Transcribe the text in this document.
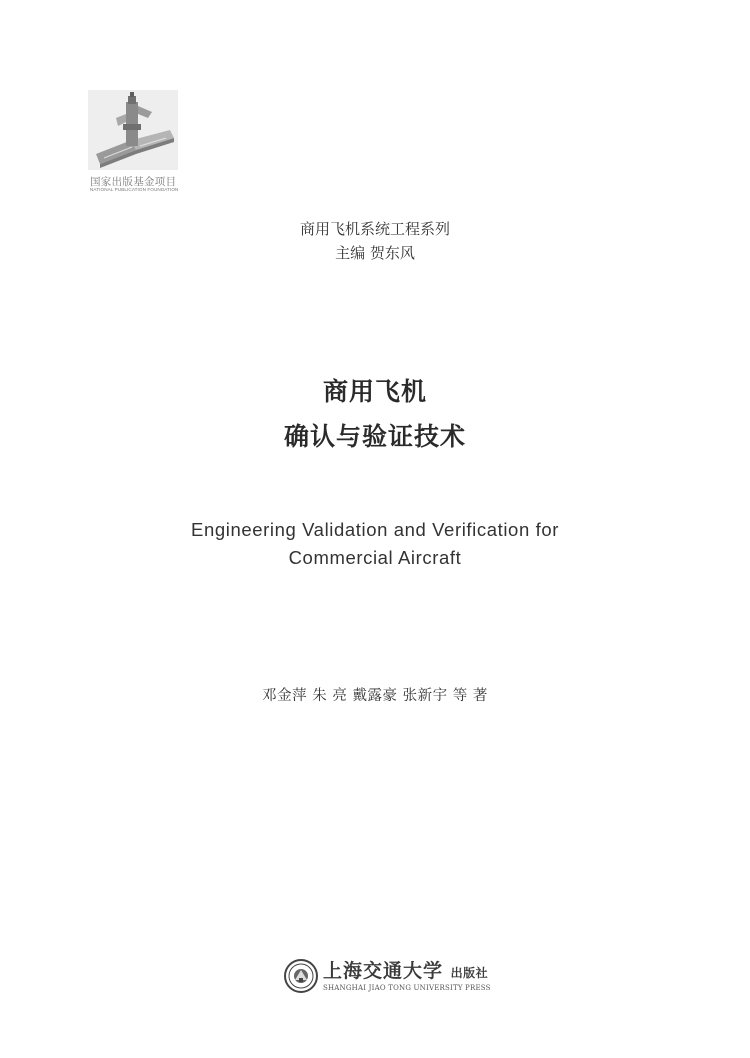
国家出版基金项目
NATIONAL PUBLICATION FOUNDATION
商用飞机系统工程系列
主编 贺东风
商用飞机
确认与验证技术
Engineering Validation and Verification for
Commercial Aircraft
邓金萍 朱 亮 戴露豪 张新宇 等 著
上海交通大学 出版社
SHANGHAI JIAO TONG UNIVERSITY PRESS
